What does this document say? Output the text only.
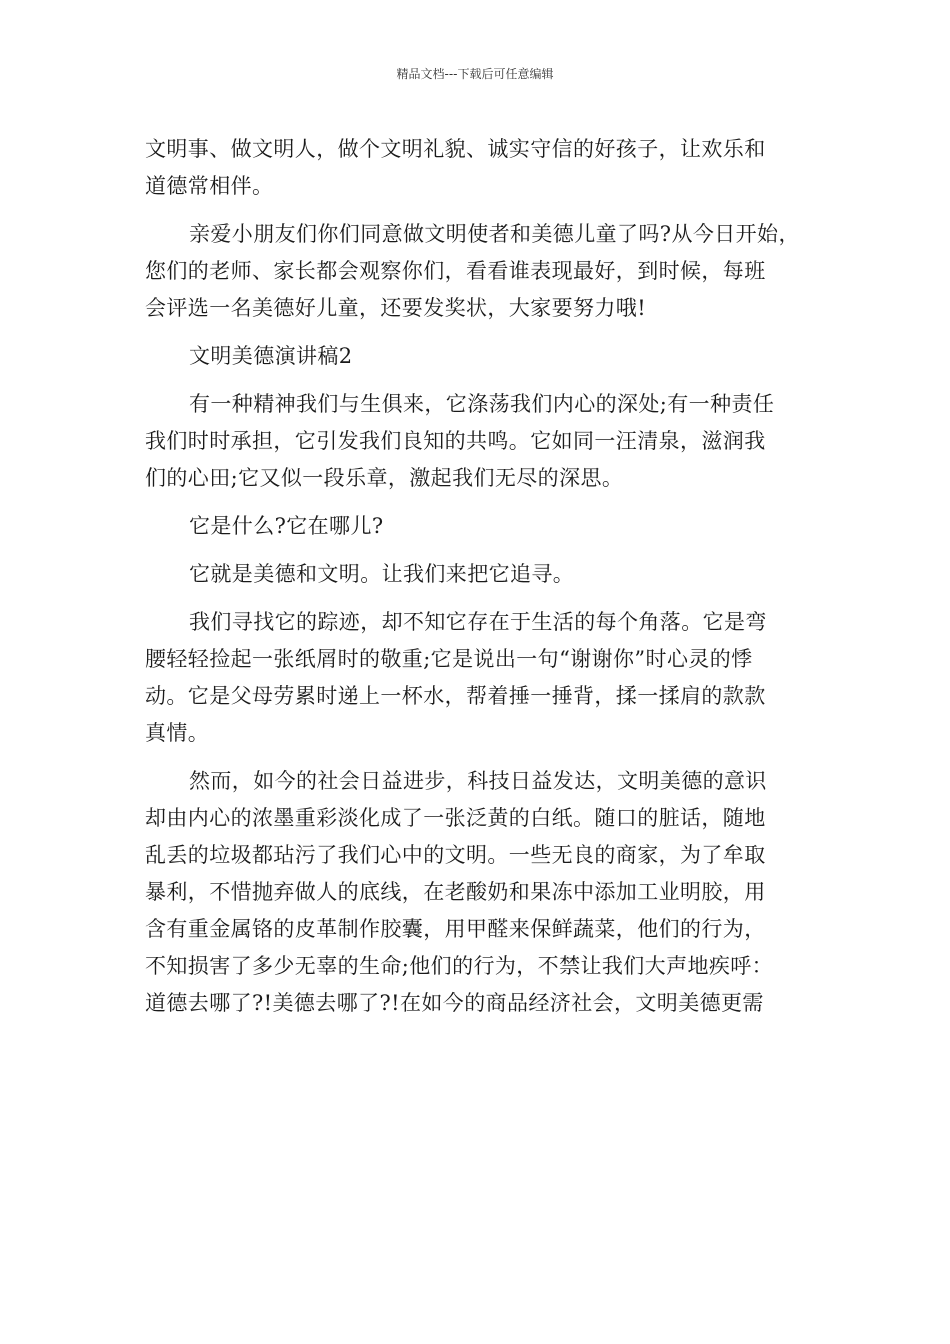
精品文档---下载后可任意编辑

文明事、做文明人，做个文明礼貌、诚实守信的好孩子，让欢乐和
道德常相伴。

亲爱小朋友们你们同意做文明使者和美德儿童了吗?从今日开始，
您们的老师、家长都会观察你们，看看谁表现最好，到时候，每班
会评选一名美德好儿童，还要发奖状，大家要努力哦!

文明美德演讲稿2

有一种精神我们与生俱来，它涤荡我们内心的深处;有一种责任
我们时时承担，它引发我们良知的共鸣。它如同一汪清泉，滋润我
们的心田;它又似一段乐章，激起我们无尽的深思。

它是什么?它在哪儿?

它就是美德和文明。让我们来把它追寻。

我们寻找它的踪迹，却不知它存在于生活的每个角落。它是弯
腰轻轻捡起一张纸屑时的敬重;它是说出一句“谢谢你”时心灵的悸
动。它是父母劳累时递上一杯水，帮着捶一捶背，揉一揉肩的款款
真情。

然而，如今的社会日益进步，科技日益发达，文明美德的意识
却由内心的浓墨重彩淡化成了一张泛黄的白纸。随口的脏话，随地
乱丢的垃圾都玷污了我们心中的文明。一些无良的商家，为了牟取
暴利，不惜抛弃做人的底线，在老酸奶和果冻中添加工业明胶，用
含有重金属铬的皮革制作胶囊，用甲醛来保鲜蔬菜，他们的行为，
不知损害了多少无辜的生命;他们的行为，不禁让我们大声地疾呼：
道德去哪了?!美德去哪了?!在如今的商品经济社会，文明美德更需
